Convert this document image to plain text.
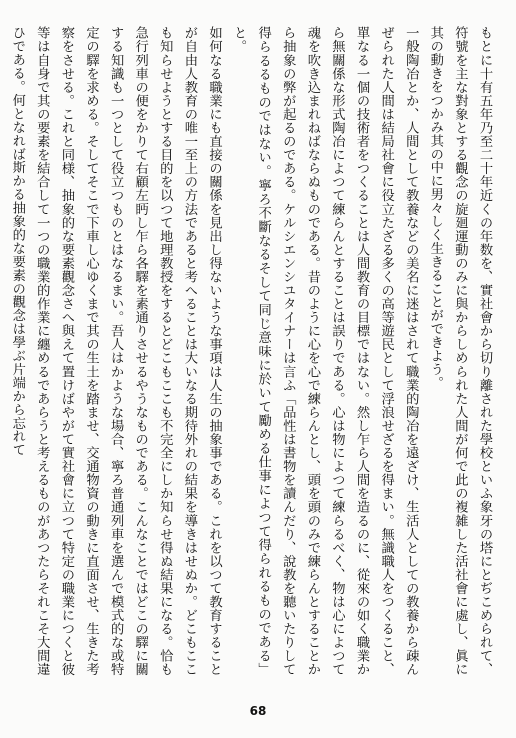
もとに十有五年乃至二十年近くの年数を、實社會から切り離された學校といふ象牙の塔にとぢこめられて、符號を主な對象とする觀念の旋廻運動のみに與からしめられた人間が何で此の複雑した活社會に處し、眞に其の動きをつかみ其の中に男々しく生きることができよう。

一般陶冶とか、人間として教養などの美名に迷はされて職業的陶冶を遠ざけ、生活人としての教養から疎んぜられた人間は結局社會に役立たざる多くの高等遊民として浮浪せざるを得まい。無識職人をつくること、單なる一個の技術者をつくることは人間教育の目標ではない。然し乍ら人間を造るのに、從來の如く職業から無關係な形式陶冶によつて練らんとすることは誤りである。心は物によつて練らるべく、物は心によつて魂を吹き込まれねばならぬものである。昔のように心を心で練らんとし、頭を頭のみで練らんとすることから抽象の弊が起るのである。ケルシエンシユタイナーは言ふ「品性は書物を讀んだり、說教を聽いたりして得らるるものではない。寧ろ不斷なるそして同じ意味に於いて勵める仕事によつて得られるものである」と。

如何なる職業にも直接の關係を見出し得ないような事項は人生の抽象事である。これを以つて教育することが自由人教育の唯一至上の方法であると考へることは大いなる期待外れの結果を導きはせぬか。どこもここも知らせようとする目的を以つて地理教授をするとどこもここも不完全にしか知らせ得ぬ結果になる。恰も急行列車の便をかりて右顧左眄し乍ら各驛を素通りさせるやうなものである。こんなことではどこの驛に關する知識も一つとして役立つものとはなるまい。吾人はかような場合、寧ろ普通列車を選んで模式的な或特定の驛を求める。そしてそこで下車し心ゆくまで其の生土を踏ませ、交通物資の動きに直面させ、生きた考察をさせる。これと同様、抽象的な要素觀念さへ與えて置けばやがて實社會に立つて特定の職業につくと彼等は自身で其の要素を結合して一つの職業的作業に纏めるであらうと考えるものがあつたらそれこそ大間違ひである。何となれば斯かる抽象的な要素の觀念は學ぶ片端から忘れて

68
